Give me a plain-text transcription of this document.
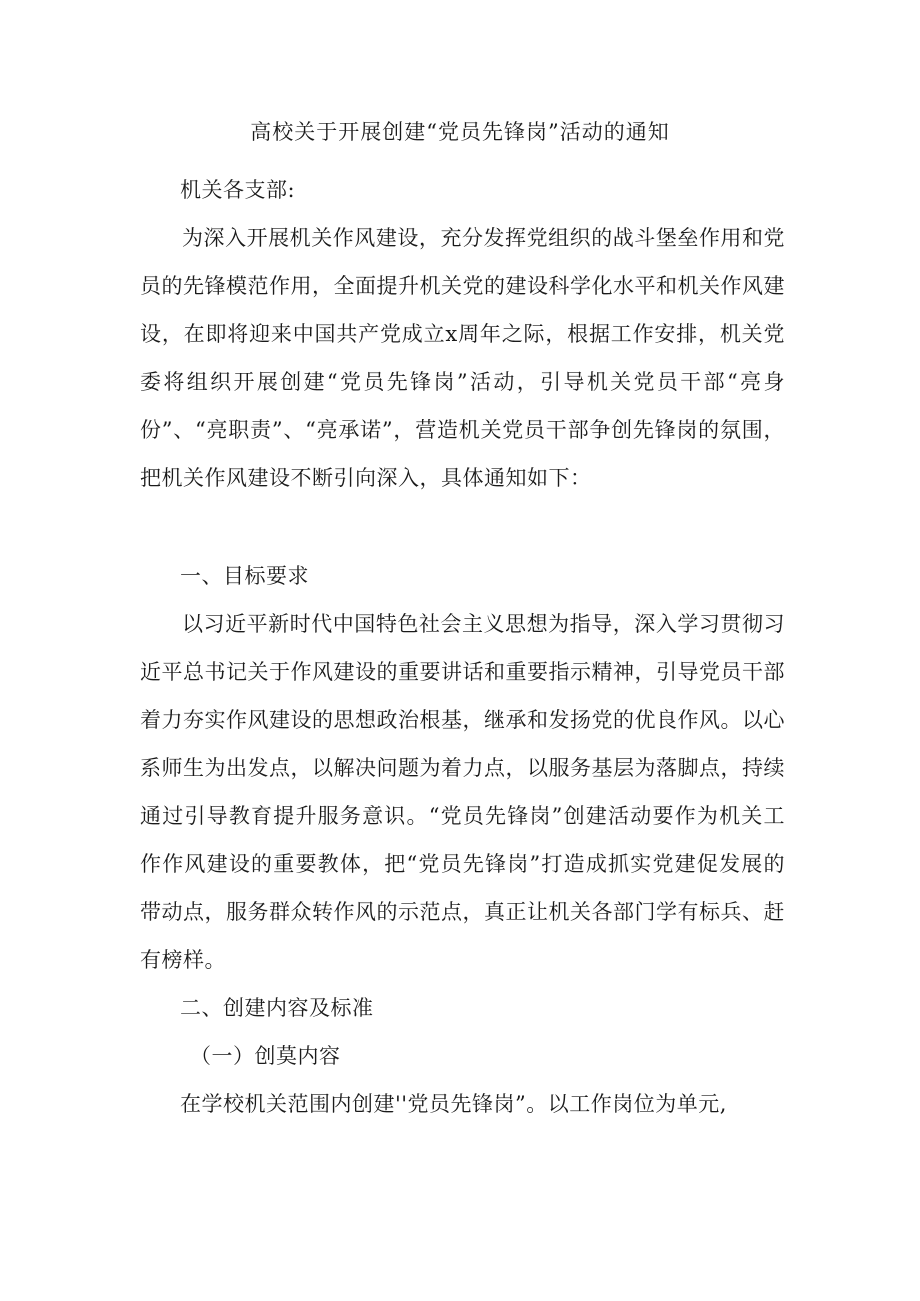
高校关于开展创建“党员先锋岗”活动的通知
机关各支部:
为深入开展机关作风建设，充分发挥党组织的战斗堡垒作用和党员的先锋模范作用，全面提升机关党的建设科学化水平和机关作风建设，在即将迎来中国共产党成立x周年之际，根据工作安排，机关党委将组织开展创建“党员先锋岗”活动，引导机关党员干部“亮身份”、“亮职责”、“亮承诺”，营造机关党员干部争创先锋岗的氛围，把机关作风建设不断引向深入，具体通知如下：
一、目标要求
以习近平新时代中国特色社会主义思想为指导，深入学习贯彻习近平总书记关于作风建设的重要讲话和重要指示精神，引导党员干部着力夯实作风建设的思想政治根基，继承和发扬党的优良作风。以心系师生为出发点，以解决问题为着力点，以服务基层为落脚点，持续通过引导教育提升服务意识。“党员先锋岗”创建活动要作为机关工作作风建设的重要教体，把“党员先锋岗”打造成抓实党建促发展的带动点，服务群众转作风的示范点，真正让机关各部门学有标兵、赶有榜样。
二、创建内容及标准
（一）创莫内容
在学校机关范围内创建''党员先锋岗”。以工作岗位为单元,
